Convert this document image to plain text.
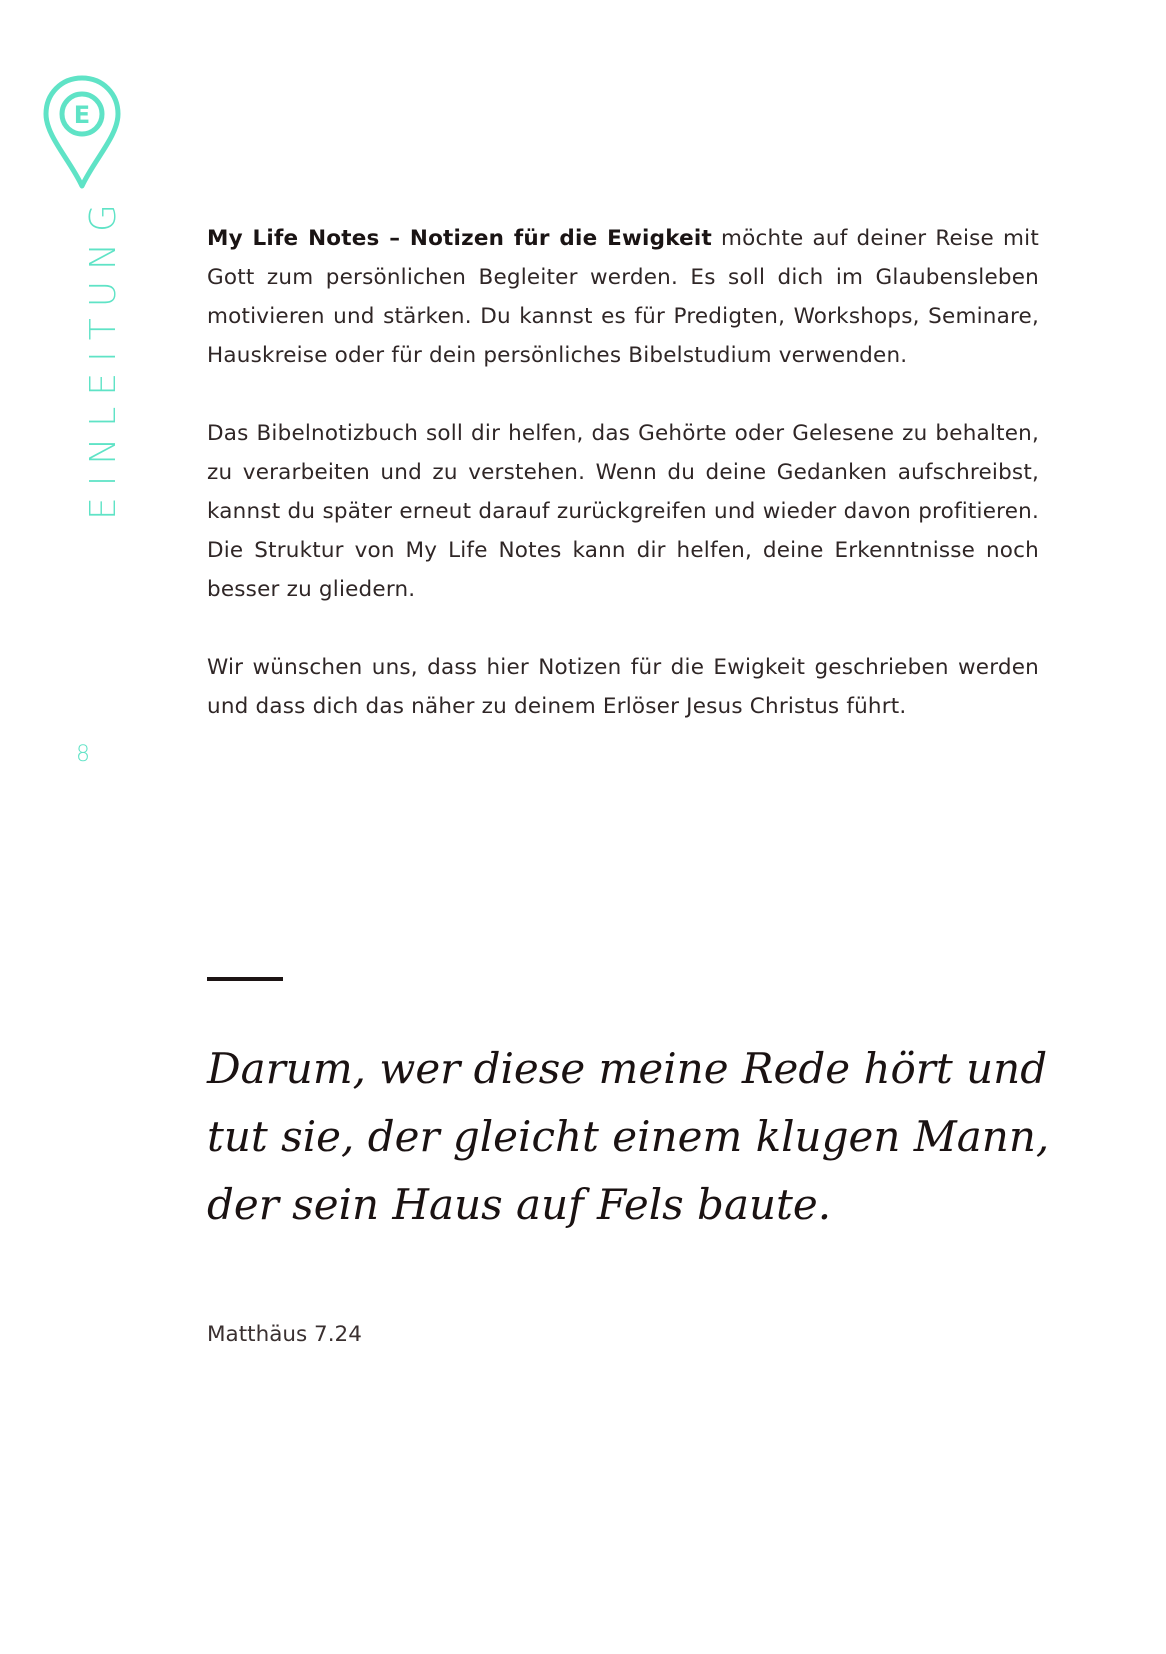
E
EINLEITUNG
8

My Life Notes – Notizen für die Ewigkeit möchte auf deiner Reise mit Gott zum persönlichen Begleiter werden. Es soll dich im Glaubensleben motivieren und stärken. Du kannst es für Predigten, Workshops, Seminare, Hauskreise oder für dein persönliches Bibelstudium verwenden.

Das Bibelnotizbuch soll dir helfen, das Gehörte oder Gelesene zu behalten, zu verarbeiten und zu verstehen. Wenn du deine Gedanken aufschreibst, kannst du später erneut darauf zurückgreifen und wieder davon profitieren. Die Struktur von My Life Notes kann dir helfen, deine Erkenntnisse noch besser zu gliedern.

Wir wünschen uns, dass hier Notizen für die Ewigkeit geschrieben werden und dass dich das näher zu deinem Erlöser Jesus Christus führt.

Darum, wer diese meine Rede hört und tut sie, der gleicht einem klugen Mann, der sein Haus auf Fels baute.

Matthäus 7.24
